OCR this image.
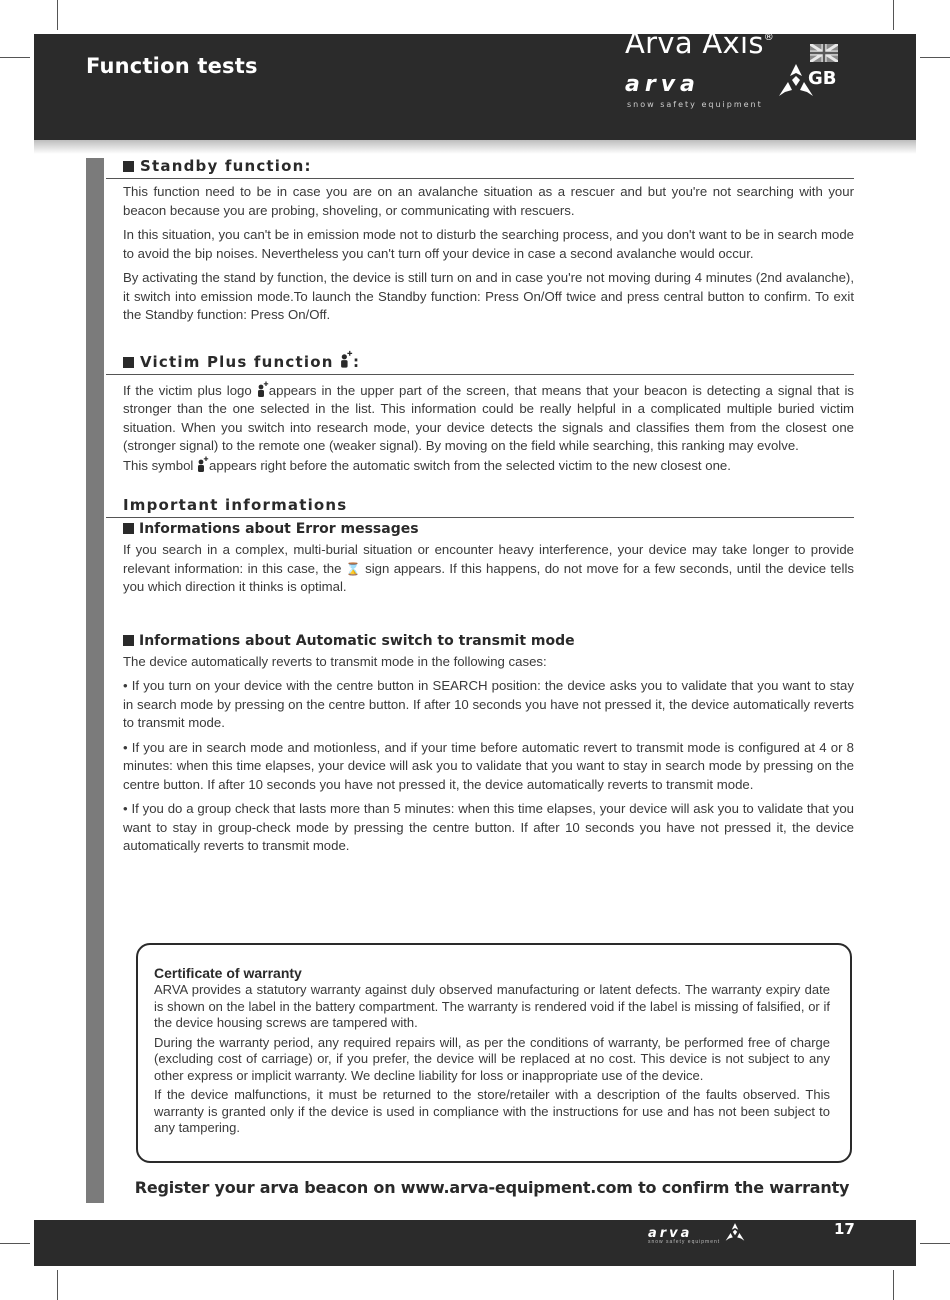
Function tests
Arva Axis®
arva
snow safety equipment
GB
Standby function:

This function need to be in case you are on an avalanche situation as a rescuer and but you're not searching with your beacon because you are probing, shoveling, or communicating with rescuers.

In this situation, you can't be in emission mode not to disturb the searching process, and you don't want to be in search mode to avoid the bip noises. Nevertheless you can't turn off your device in case a second avalanche would occur.

By activating the stand by function, the device is still turn on and in case you're not moving during 4 minutes (2nd avalanche), it switch into emission mode.To launch the Standby function: Press On/Off twice and press central button to confirm. To exit the Standby function: Press On/Off.

Victim Plus function :

If the victim plus logo appears in the upper part of the screen, that means that your beacon is detecting a signal that is stronger than the one selected in the list. This information could be really helpful in a complicated multiple buried victim situation. When you switch into research mode, your device detects the signals and classifies them from the closest one (stronger signal) to the remote one (weaker signal). By moving on the field while searching, this ranking may evolve.

This symbol appears right before the automatic switch from the selected victim to the new closest one.

Important informations
Informations about Error messages

If you search in a complex, multi-burial situation or encounter heavy interference, your device may take longer to provide relevant information: in this case, the ⌛ sign appears. If this happens, do not move for a few seconds, until the device tells you which direction it thinks is optimal.

Informations about Automatic switch to transmit mode

The device automatically reverts to transmit mode in the following cases:

• If you turn on your device with the centre button in SEARCH position: the device asks you to validate that you want to stay in search mode by pressing on the centre button. If after 10 seconds you have not pressed it, the device automatically reverts to transmit mode.

• If you are in search mode and motionless, and if your time before automatic revert to transmit mode is configured at 4 or 8 minutes: when this time elapses, your device will ask you to validate that you want to stay in search mode by pressing on the centre button. If after 10 seconds you have not pressed it, the device automatically reverts to transmit mode.

• If you do a group check that lasts more than 5 minutes: when this time elapses, your device will ask you to validate that you want to stay in group-check mode by pressing the centre button. If after 10 seconds you have not pressed it, the device automatically reverts to transmit mode.

Certificate of warranty

ARVA provides a statutory warranty against duly observed manufacturing or latent defects. The warranty expiry date is shown on the label in the battery compartment. The warranty is rendered void if the label is missing of falsified, or if the device housing screws are tampered with.

During the warranty period, any required repairs will, as per the conditions of warranty, be performed free of charge (excluding cost of carriage) or, if you prefer, the device will be replaced at no cost. This device is not subject to any other express or implicit warranty. We decline liability for loss or inappropriate use of the device.

If the device malfunctions, it must be returned to the store/retailer with a description of the faults observed. This warranty is granted only if the device is used in compliance with the instructions for use and has not been subject to any tampering.

Register your arva beacon on www.arva-equipment.com to confirm the warranty
arva
snow safety equipment
17
